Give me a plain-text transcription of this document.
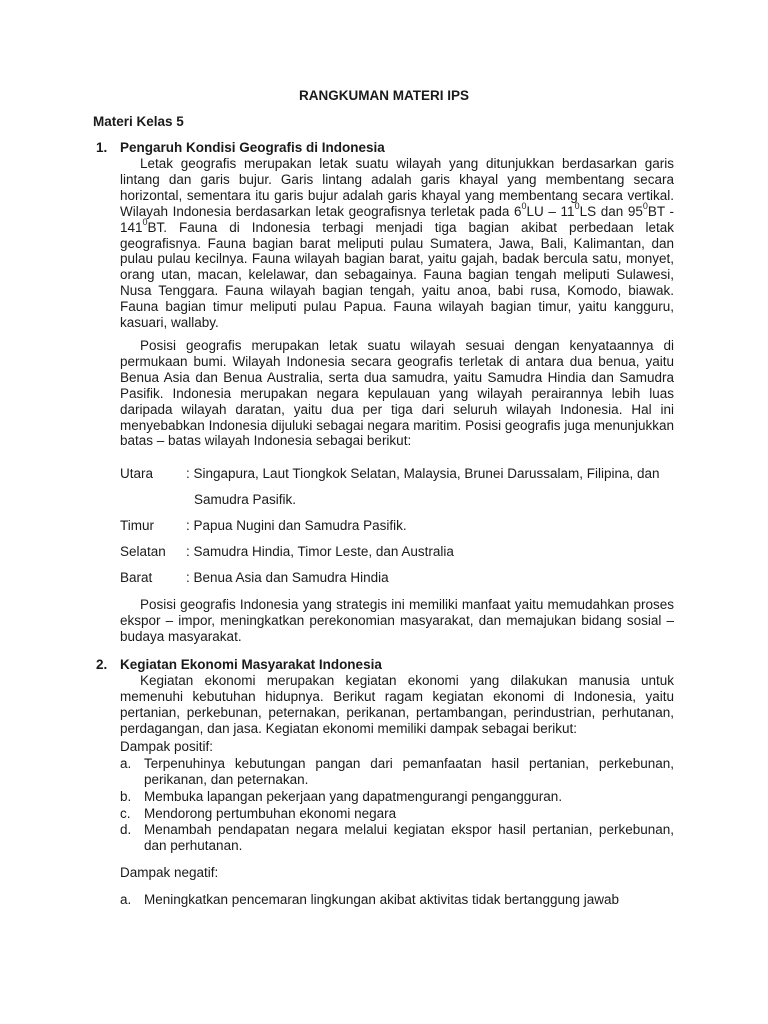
RANGKUMAN MATERI IPS
Materi Kelas 5
1. Pengaruh Kondisi Geografis di Indonesia
Letak geografis merupakan letak suatu wilayah yang ditunjukkan berdasarkan garis lintang dan garis bujur. Garis lintang adalah garis khayal yang membentang secara horizontal, sementara itu garis bujur adalah garis khayal yang membentang secara vertikal. Wilayah Indonesia berdasarkan letak geografisnya terletak pada $6^0LU - 11^0LS$ dan $95^0BT - 141^0BT$. Fauna di Indonesia terbagi menjadi tiga bagian akibat perbedaan letak geografisnya. Fauna bagian barat meliputi pulau Sumatera, Jawa, Bali, Kalimantan, dan pulau pulau kecilnya. Fauna wilayah bagian barat, yaitu gajah, badak bercula satu, monyet, orang utan, macan, kelelawar, dan sebagainya. Fauna bagian tengah meliputi Sulawesi, Nusa Tenggara. Fauna wilayah bagian tengah, yaitu anoa, babi rusa, Komodo, biawak. Fauna bagian timur meliputi pulau Papua. Fauna wilayah bagian timur, yaitu kangguru, kasuari, wallaby.
Posisi geografis merupakan letak suatu wilayah sesuai dengan kenyataannya di permukaan bumi. Wilayah Indonesia secara geografis terletak di antara dua benua, yaitu Benua Asia dan Benua Australia, serta dua samudra, yaitu Samudra Hindia dan Samudra Pasifik. Indonesia merupakan negara kepulauan yang wilayah perairannya lebih luas daripada wilayah daratan, yaitu dua per tiga dari seluruh wilayah Indonesia. Hal ini menyebabkan Indonesia dijuluki sebagai negara maritim. Posisi geografis juga menunjukkan batas – batas wilayah Indonesia sebagai berikut:
Utara : Singapura, Laut Tiongkok Selatan, Malaysia, Brunei Darussalam, Filipina, dan
Samudra Pasifik.
Timur : Papua Nugini dan Samudra Pasifik.
Selatan : Samudra Hindia, Timor Leste, dan Australia
Barat : Benua Asia dan Samudra Hindia
Posisi geografis Indonesia yang strategis ini memiliki manfaat yaitu memudahkan proses ekspor – impor, meningkatkan perekonomian masyarakat, dan memajukan bidang sosial – budaya masyarakat.
2. Kegiatan Ekonomi Masyarakat Indonesia
Kegiatan ekonomi merupakan kegiatan ekonomi yang dilakukan manusia untuk memenuhi kebutuhan hidupnya. Berikut ragam kegiatan ekonomi di Indonesia, yaitu pertanian, perkebunan, peternakan, perikanan, pertambangan, perindustrian, perhutanan, perdagangan, dan jasa. Kegiatan ekonomi memiliki dampak sebagai berikut:
Dampak positif:
a. Terpenuhinya kebutungan pangan dari pemanfaatan hasil pertanian, perkebunan, perikanan, dan peternakan.
b. Membuka lapangan pekerjaan yang dapatmengurangi pengangguran.
c. Mendorong pertumbuhan ekonomi negara
d. Menambah pendapatan negara melalui kegiatan ekspor hasil pertanian, perkebunan, dan perhutanan.
Dampak negatif:
a. Meningkatkan pencemaran lingkungan akibat aktivitas tidak bertanggung jawab
